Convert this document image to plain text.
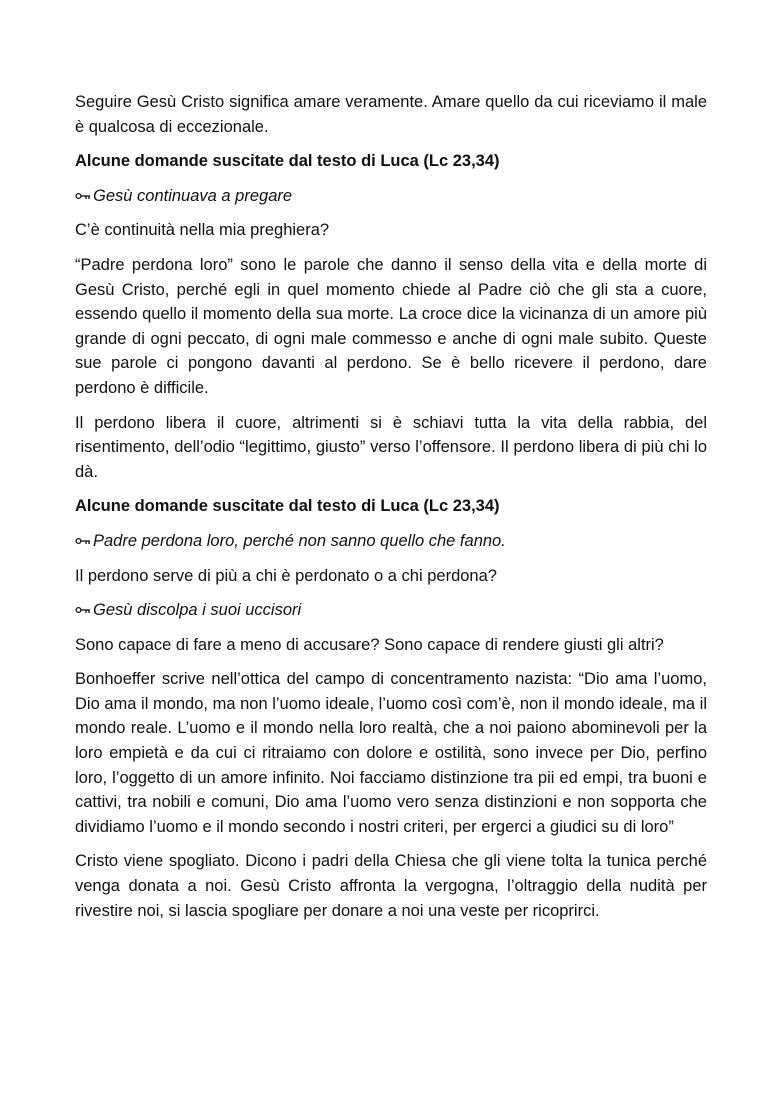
Seguire Gesù Cristo significa amare veramente. Amare quello da cui riceviamo il male è qualcosa di eccezionale.

Alcune domande suscitate dal testo di Luca (Lc 23,34)

Gesù continuava a pregare

C’è continuità nella mia preghiera?

“Padre perdona loro” sono le parole che danno il senso della vita e della morte di Gesù Cristo, perché egli in quel momento chiede al Padre ciò che gli sta a cuore, essendo quello il momento della sua morte. La croce dice la vicinanza di un amore più grande di ogni peccato, di ogni male commesso e anche di ogni male subito. Queste sue parole ci pongono davanti al perdono. Se è bello ricevere il perdono, dare perdono è difficile.

Il perdono libera il cuore, altrimenti si è schiavi tutta la vita della rabbia, del risentimento, dell’odio “legittimo, giusto” verso l’offensore. Il perdono libera di più chi lo dà.

Alcune domande suscitate dal testo di Luca (Lc 23,34)

Padre perdona loro, perché non sanno quello che fanno.

Il perdono serve di più a chi è perdonato o a chi perdona?

Gesù discolpa i suoi uccisori

Sono capace di fare a meno di accusare? Sono capace di rendere giusti gli altri?

Bonhoeffer scrive nell’ottica del campo di concentramento nazista: “Dio ama l’uomo, Dio ama il mondo, ma non l’uomo ideale, l’uomo così com’è, non il mondo ideale, ma il mondo reale. L’uomo e il mondo nella loro realtà, che a noi paiono abominevoli per la loro empietà e da cui ci ritraiamo con dolore e ostilità, sono invece per Dio, perfino loro, l’oggetto di un amore infinito. Noi facciamo distinzione tra pii ed empi, tra buoni e cattivi, tra nobili e comuni, Dio ama l’uomo vero senza distinzioni e non sopporta che dividiamo l’uomo e il mondo secondo i nostri criteri, per ergerci a giudici su di loro”

Cristo viene spogliato. Dicono i padri della Chiesa che gli viene tolta la tunica perché venga donata a noi. Gesù Cristo affronta la vergogna, l’oltraggio della nudità per rivestire noi, si lascia spogliare per donare a noi una veste per ricoprirci.
